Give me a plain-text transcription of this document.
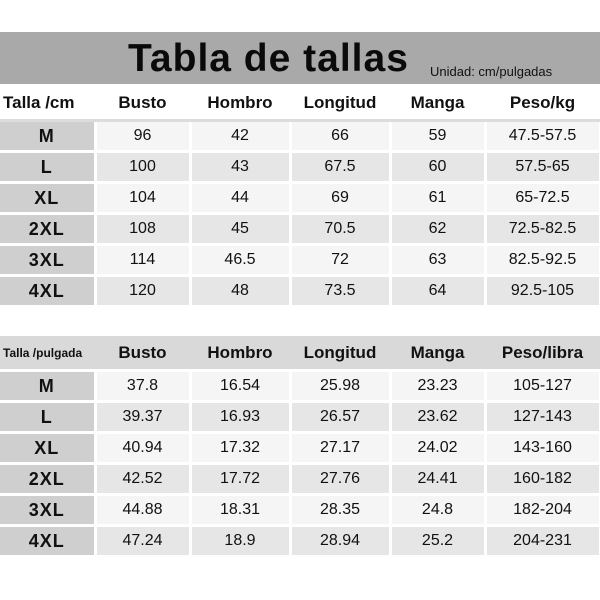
Tabla de tallas Unidad: cm/pulgadas
Talla /cm	Busto	Hombro	Longitud	Manga	Peso/kg
M	96	42	66	59	47.5-57.5
L	100	43	67.5	60	57.5-65
XL	104	44	69	61	65-72.5
2XL	108	45	70.5	62	72.5-82.5
3XL	114	46.5	72	63	82.5-92.5
4XL	120	48	73.5	64	92.5-105
Talla /pulgada	Busto	Hombro	Longitud	Manga	Peso/libra
M	37.8	16.54	25.98	23.23	105-127
L	39.37	16.93	26.57	23.62	127-143
XL	40.94	17.32	27.17	24.02	143-160
2XL	42.52	17.72	27.76	24.41	160-182
3XL	44.88	18.31	28.35	24.8	182-204
4XL	47.24	18.9	28.94	25.2	204-231
